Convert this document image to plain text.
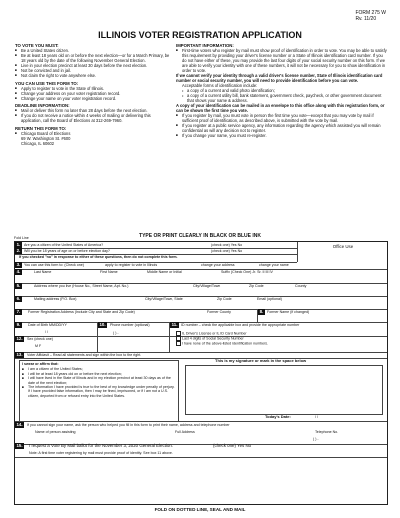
FORM 275 W
Rv. 11/20
ILLINOIS VOTER REGISTRATION APPLICATION
TO VOTE YOU MUST:
■ Be a United States citizen.
■ Be at least 18 years old on or before the next election—or for a March Primary, be 18 years old by the date of the following November General Election.
■ Live in your election precinct at least 30 days before the next election.
■ Not be convicted and in jail.
■ Not claim the right to vote anywhere else.
YOU CAN USE THIS FORM TO:
■ Apply to register to vote in the State of Illinois.
■ Change your address on your voter registration record.
■ Change your name on your voter registration record.
DEADLINE INFORMATION:
■ Mail or deliver this form no later than 28 days before the next election.
■ If you do not receive a notice within 4 weeks of mailing or delivering this application, call the Board of Elections at 312-269-7960.
RETURN THIS FORM TO:
■ Chicago Board of Elections
69 W. Washington St. #600
Chicago, IL 60602
IMPORTANT INFORMATION:
■ First-time voters who register by mail must show proof of identification in order to vote. You may be able to satisfy this requirement by providing your driver's license number or a State of Illinois identification card number. If you do not have either of these, you may provide the last four digits of your social security number on this form. If we are able to verify your identity with one of these numbers, it will not be necessary for you to show identification in order to vote.
If we cannot verify your identity through a valid driver's license number, State of Illinois identification card number or social security number, you will need to provide identification before you can vote.
Acceptable forms of identification include:
• a copy of a current and valid photo identification;
• a copy of a current utility bill, bank statement, government check, paycheck, or other government document that shows your name & address.
A copy of your identification can be mailed in an envelope to this office along with this registration form, or can be shown the first time you vote.
■ If you register by mail, you must vote in person the first time you vote—except that you may vote by mail if sufficient proof of identification, as described above, is submitted with the vote by mail.
■ If you register at a public service agency, any information regarding the agency which assisted you will remain confidential as will any decision not to register.
■ If you change your name, you must re-register.
TYPE OR PRINT CLEARLY IN BLACK OR BLUE INK
Fold Line
Office Use
1.	Are you a citizen of the United States of America?	(check one) Yes No
2.	Will you be 18 years of age on or before election day?	(check one) Yes No
If you checked "no" in response to either of these questions, then do not complete this form.
3.	You can use this form to: (Check one)	apply to register to vote in Illinois	change your address	change your name
4.	Last Name	First Name	Middle Name or Initial	Suffix (Check One) Jr. Sr. II III IV
5.	Address where you live (House No., Street Name, Apt. No.)	City/Village/Town	Zip Code	County
6.	Mailing address (P.O. Box)	City/Village/Town, State	Zip Code	Email (optional)
7.	Former Registration Address (Include City and State and Zip Code)	Former County	8.	Former Name (if changed)
9.	Date of Birth MM/DD/YY
/ /
10.	Phone number (optional)
( ) -
11. ID number – check the applicable box and provide the appropriate number
12.	Sex (check one)
M F
IL Driver's License or IL ID Card Number
Last 4 digits of Social Security Number
I have none of the above-listed identification numbers.
13.	Voter Affidavit – Read all statements and sign within the box to the right.
I swear or affirm that:
■ I am a citizen of the United States;
■ I will be at least 18 years old on or before the next election;
■ I will have lived in the State of Illinois and in my election precinct at least 30 days as of the date of the next election;
■ The information I have provided is true to the best of my knowledge under penalty of perjury. If I have provided false information, then I may be fined, imprisoned, or if I am not a U.S. citizen, deported from or refused entry into the United States.
This is my signature or mark in the space below
Today's Date:	/ /
14.	If you cannot sign your name, ask the person who helped you fill in this form to print their name, address and telephone number
Name of person assisting	Full Address	Telephone No.
( ) -
15.	I request a Vote By Mail ballot for the November 3, 2020 General Election.	(check one) Yes No
Note: A first time voter registering by mail must provide proof of identity. See box 11 above.
FOLD ON DOTTED LINE, SEAL AND MAIL
